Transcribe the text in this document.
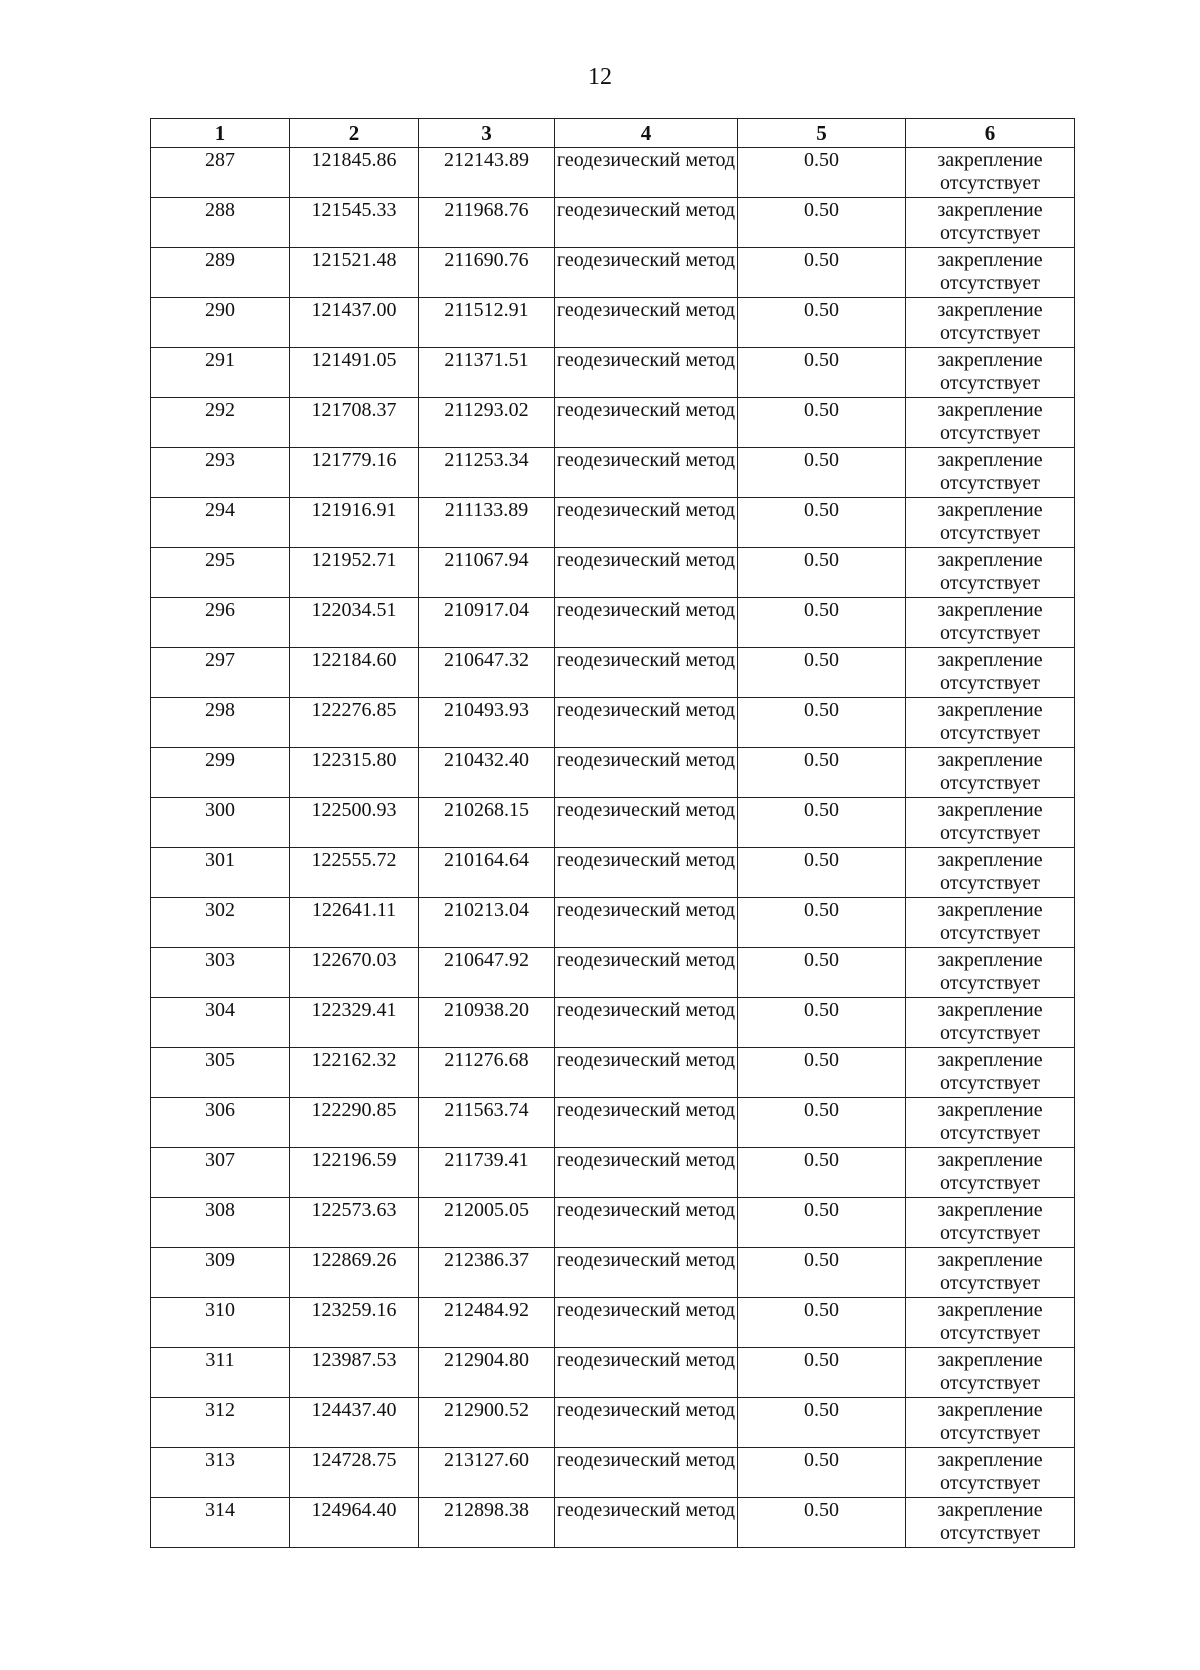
12
1	2	3	4	5	6
287	121845.86	212143.89	геодезический метод	0.50	закрепление отсутствует
288	121545.33	211968.76	геодезический метод	0.50	закрепление отсутствует
289	121521.48	211690.76	геодезический метод	0.50	закрепление отсутствует
290	121437.00	211512.91	геодезический метод	0.50	закрепление отсутствует
291	121491.05	211371.51	геодезический метод	0.50	закрепление отсутствует
292	121708.37	211293.02	геодезический метод	0.50	закрепление отсутствует
293	121779.16	211253.34	геодезический метод	0.50	закрепление отсутствует
294	121916.91	211133.89	геодезический метод	0.50	закрепление отсутствует
295	121952.71	211067.94	геодезический метод	0.50	закрепление отсутствует
296	122034.51	210917.04	геодезический метод	0.50	закрепление отсутствует
297	122184.60	210647.32	геодезический метод	0.50	закрепление отсутствует
298	122276.85	210493.93	геодезический метод	0.50	закрепление отсутствует
299	122315.80	210432.40	геодезический метод	0.50	закрепление отсутствует
300	122500.93	210268.15	геодезический метод	0.50	закрепление отсутствует
301	122555.72	210164.64	геодезический метод	0.50	закрепление отсутствует
302	122641.11	210213.04	геодезический метод	0.50	закрепление отсутствует
303	122670.03	210647.92	геодезический метод	0.50	закрепление отсутствует
304	122329.41	210938.20	геодезический метод	0.50	закрепление отсутствует
305	122162.32	211276.68	геодезический метод	0.50	закрепление отсутствует
306	122290.85	211563.74	геодезический метод	0.50	закрепление отсутствует
307	122196.59	211739.41	геодезический метод	0.50	закрепление отсутствует
308	122573.63	212005.05	геодезический метод	0.50	закрепление отсутствует
309	122869.26	212386.37	геодезический метод	0.50	закрепление отсутствует
310	123259.16	212484.92	геодезический метод	0.50	закрепление отсутствует
311	123987.53	212904.80	геодезический метод	0.50	закрепление отсутствует
312	124437.40	212900.52	геодезический метод	0.50	закрепление отсутствует
313	124728.75	213127.60	геодезический метод	0.50	закрепление отсутствует
314	124964.40	212898.38	геодезический метод	0.50	закрепление отсутствует
